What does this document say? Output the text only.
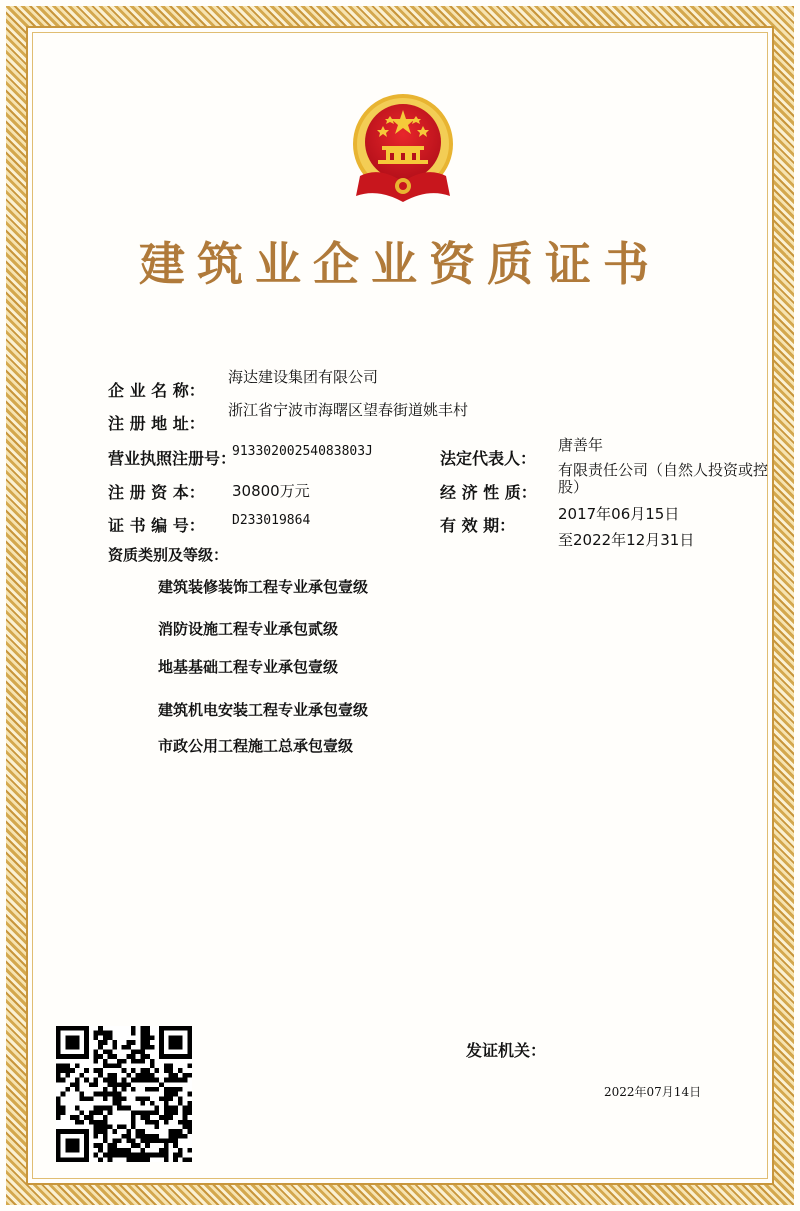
建筑业企业资质证书
企 业 名 称：
海达建设集团有限公司
注 册 地 址：
浙江省宁波市海曙区望春街道姚丰村
营业执照注册号：
91330200254083803J	法定代表人：
唐善年
注 册 资 本： 30800万元	经 济 性 质：
有限责任公司（自然人投资或控股）
证 书 编 号： D233019864	有 效 期：
2017年06月15日
至2022年12月31日
资质类别及等级：
建筑装修装饰工程专业承包壹级
消防设施工程专业承包贰级
地基基础工程专业承包壹级
建筑机电安装工程专业承包壹级
市政公用工程施工总承包壹级
发证机关：
2022年07月14日
